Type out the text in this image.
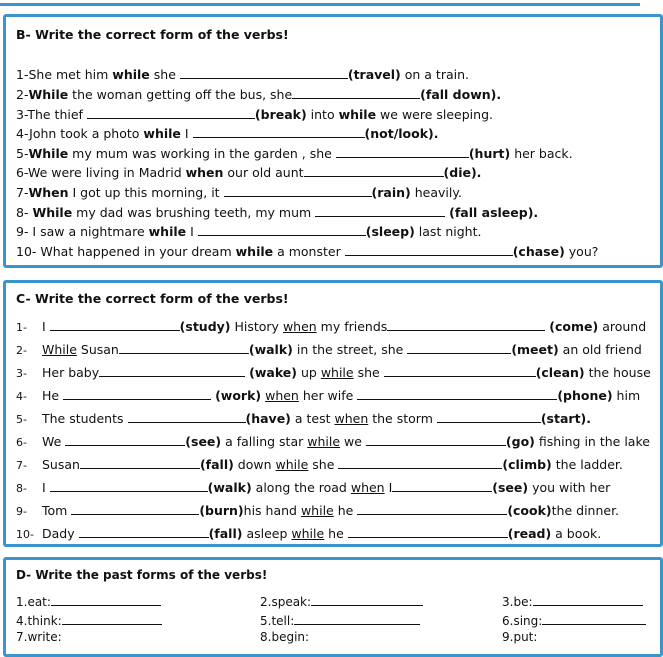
B- Write the correct form of the verbs!
1-She met him while she	(travel) on a train.
2-While the woman getting off the bus, she	(fall down).
3-The thief	(break) into while we were sleeping.
4-John took a photo while I	(not/look).
5-While my mum was working in the garden , she	(hurt) her back.
6-We were living in Madrid when our old aunt	(die).
7-When I got up this morning, it	(rain) heavily.
8- While my dad was brushing teeth, my mum	(fall asleep).
9- I saw a nightmare while I	(sleep) last night.
10- What happened in your dream while a monster	(chase) you?
C- Write the correct form of the verbs!
1- I	(study) History when my friends	(come) around
2- While Susan	(walk) in the street, she	(meet) an old friend
3- Her baby	(wake) up while she	(clean) the house
4- He	(work) when her wife	(phone) him
5- The students	(have) a test when the storm	(start).
6- We	(see) a falling star while we	(go) fishing in the lake
7- Susan	(fall) down while she	(climb) the ladder.
8- I	(walk) along the road when I	(see) you with her
9- Tom	(burn)his hand while he	(cook)the dinner.
10- Dady	(fall) asleep while he	(read) a book.
D- Write the past forms of the verbs!
1.eat:	2.speak:	3.be:
4.think:	5.tell:	6.sing:
7.write:	8.begin:	9.put:
